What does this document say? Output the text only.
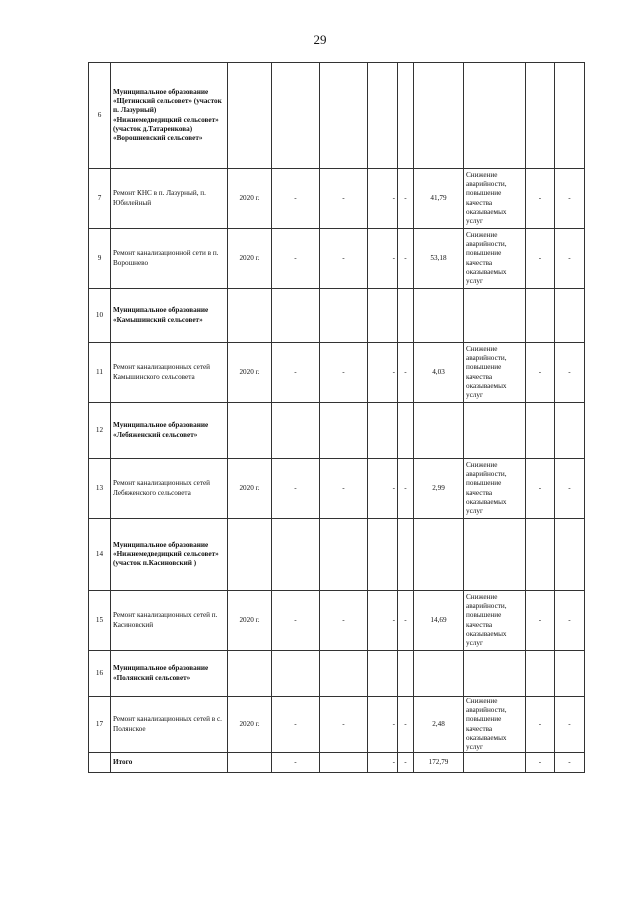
29
6	Муниципальное образование «Щетинский сельсовет» (участок п. Лазурный) «Нижнемедведицкий сельсовет» (участок д.Татаренкова) «Ворошневский сельсовет»									
7	Ремонт КНС в п. Лазурный, п. Юбилейный	2020 г.	-	-	-	-	41,79	Снижение аварийности, повышение качества оказываемых услуг	-	-
9	Ремонт канализационной сети в п. Ворошнево	2020 г.	-	-	-	-	53,18	Снижение аварийности, повышение качества оказываемых услуг	-	-
10	Муниципальное образование «Камышинский сельсовет»									
11	Ремонт канализационных сетей Камышинского сельсовета	2020 г.	-	-	-	-	4,03	Снижение аварийности, повышение качества оказываемых услуг	-	-
12	Муниципальное образование «Лебяженский сельсовет»									
13	Ремонт канализационных сетей Лебяженского сельсовета	2020 г.	-	-	-	-	2,99	Снижение аварийности, повышение качества оказываемых услуг	-	-
14	Муниципальное образование «Нижнемедведицкий сельсовет» (участок п.Касиновский )									
15	Ремонт канализационных сетей п. Касиновский	2020 г.	-	-	-	-	14,69	Снижение аварийности, повышение качества оказываемых услуг	-	-
16	Муниципальное образование «Полянский сельсовет»									
17	Ремонт канализационных сетей в с. Полянское	2020 г.	-	-	-	-	2,48	Снижение аварийности, повышение качества оказываемых услуг	-	-
	Итого		-		-	-	172,79		-	-
